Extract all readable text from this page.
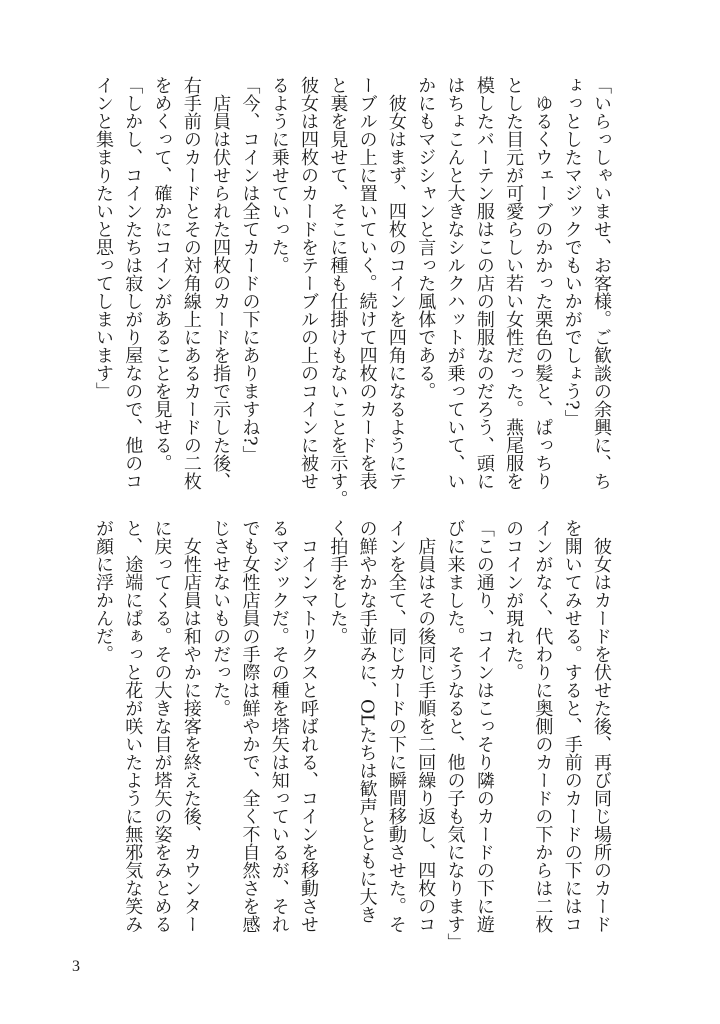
「いらっしゃいませ、お客様。ご歓談の余興に、ち
ょっとしたマジックでもいかがでしょう?」
　ゆるくウェーブのかかった栗色の髪と、ぱっちり
とした目元が可愛らしい若い女性だった。燕尾服を
模したバーテン服はこの店の制服なのだろう、頭に
はちょこんと大きなシルクハットが乗っていて、い
かにもマジシャンと言った風体である。
　彼女はまず、四枚のコインを四角になるようにテ
ーブルの上に置いていく。続けて四枚のカードを表
と裏を見せて、そこに種も仕掛けもないことを示す。
彼女は四枚のカードをテーブルの上のコインに被せ
るように乗せていった。
「今、コインは全てカードの下にありますね?」
　店員は伏せられた四枚のカードを指で示した後、
右手前のカードとその対角線上にあるカードの二枚
をめくって、確かにコインがあることを見せる。
「しかし、コインたちは寂しがり屋なので、他のコ
インと集まりたいと思ってしまいます」
　彼女はカードを伏せた後、再び同じ場所のカード
を開いてみせる。すると、手前のカードの下にはコ
インがなく、代わりに奥側のカードの下からは二枚
のコインが現れた。
「この通り、コインはこっそり隣のカードの下に遊
びに来ました。そうなると、他の子も気になります」
　店員はその後同じ手順を二回繰り返し、四枚のコ
インを全て、同じカードの下に瞬間移動させた。そ
の鮮やかな手並みに、OLたちは歓声とともに大き
く拍手をした。
　コインマトリクスと呼ばれる、コインを移動させ
るマジックだ。その種を塔矢は知っているが、それ
でも女性店員の手際は鮮やかで、全く不自然さを感
じさせないものだった。
　女性店員は和やかに接客を終えた後、カウンター
に戻ってくる。その大きな目が塔矢の姿をみとめる
と、途端にぱぁっと花が咲いたように無邪気な笑み
が顔に浮かんだ。
3
